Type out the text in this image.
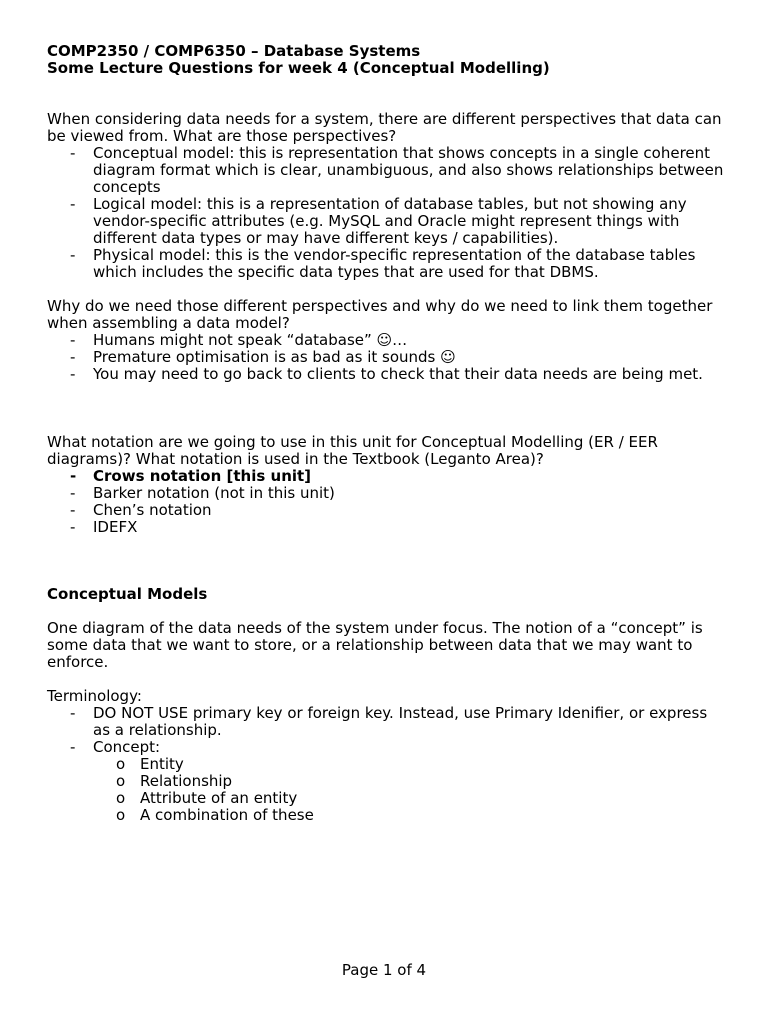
COMP2350 / COMP6350 – Database Systems

Some Lecture Questions for week 4 (Conceptual Modelling)

When considering data needs for a system, there are different perspectives that data can be viewed from. What are those perspectives?

- Conceptual model: this is representation that shows concepts in a single coherent diagram format which is clear, unambiguous, and also shows relationships between concepts
- Logical model: this is a representation of database tables, but not showing any vendor-specific attributes (e.g. MySQL and Oracle might represent things with different data types or may have different keys / capabilities).
- Physical model: this is the vendor-specific representation of the database tables which includes the specific data types that are used for that DBMS.

Why do we need those different perspectives and why do we need to link them together when assembling a data model?

- Humans might not speak “database” ☺…
- Premature optimisation is as bad as it sounds ☺
- You may need to go back to clients to check that their data needs are being met.

What notation are we going to use in this unit for Conceptual Modelling (ER / EER diagrams)? What notation is used in the Textbook (Leganto Area)?

- Crows notation [this unit]
- Barker notation (not in this unit)
- Chen’s notation
- IDEFX

Conceptual Models

One diagram of the data needs of the system under focus. The notion of a “concept” is some data that we want to store, or a relationship between data that we may want to enforce.

Terminology:

- DO NOT USE primary key or foreign key. Instead, use Primary Idenifier, or express as a relationship.
- Concept:
o Entity
o Relationship
o Attribute of an entity
o A combination of these
Page 1 of 4
